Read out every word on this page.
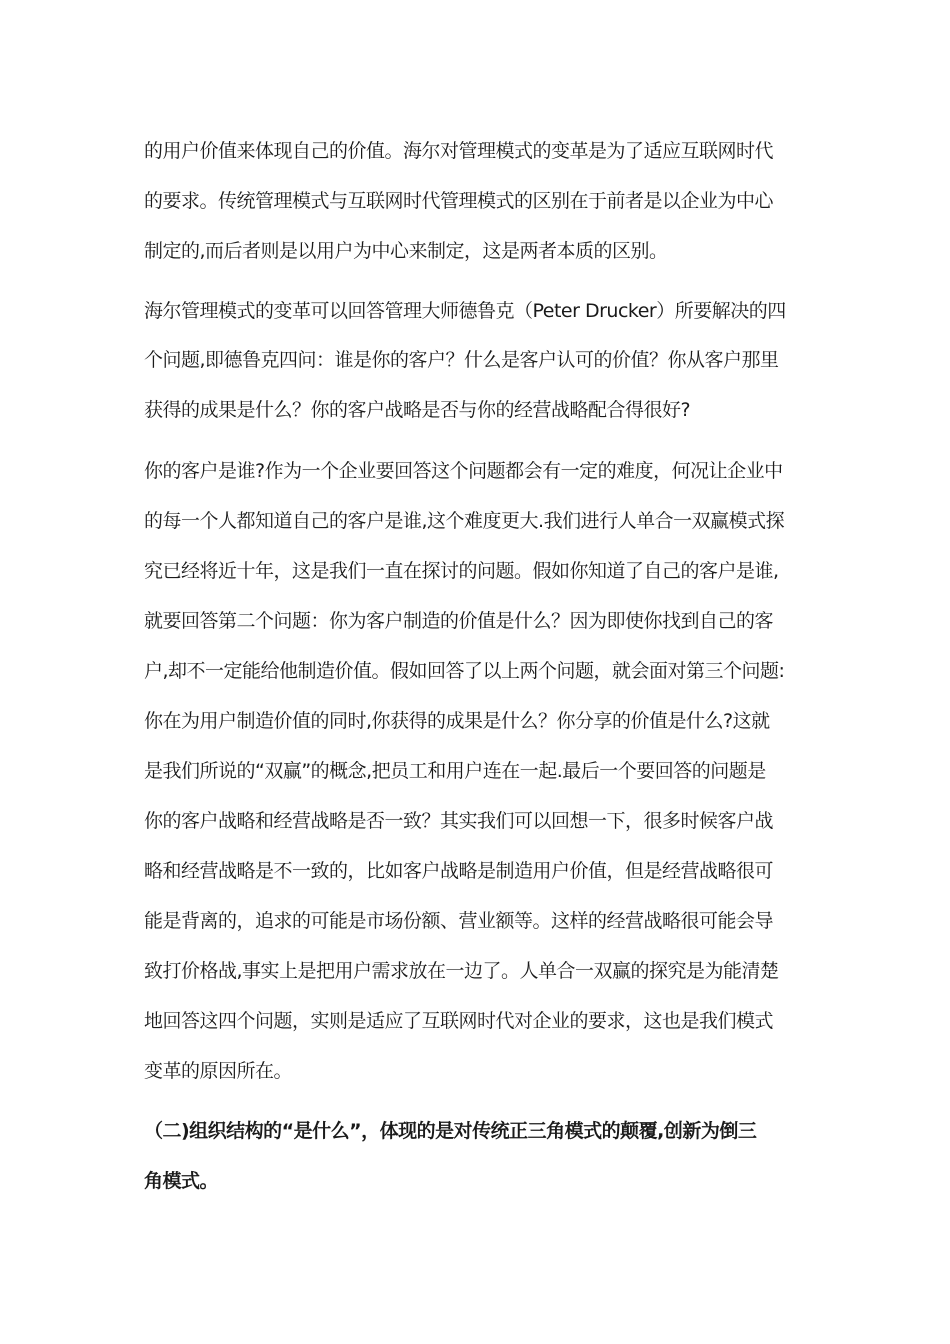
的用户价值来体现自己的价值。海尔对管理模式的变革是为了适应互联网时代
的要求。传统管理模式与互联网时代管理模式的区别在于前者是以企业为中心
制定的,而后者则是以用户为中心来制定，这是两者本质的区别。
海尔管理模式的变革可以回答管理大师德鲁克（Peter Drucker）所要解决的四
个问题,即德鲁克四问：谁是你的客户？什么是客户认可的价值？你从客户那里
获得的成果是什么？你的客户战略是否与你的经营战略配合得很好?
你的客户是谁?作为一个企业要回答这个问题都会有一定的难度，何况让企业中
的每一个人都知道自己的客户是谁,这个难度更大.我们进行人单合一双赢模式探
究已经将近十年，这是我们一直在探讨的问题。假如你知道了自己的客户是谁,
就要回答第二个问题：你为客户制造的价值是什么？因为即使你找到自己的客
户,却不一定能给他制造价值。假如回答了以上两个问题，就会面对第三个问题:
你在为用户制造价值的同时,你获得的成果是什么？你分享的价值是什么?这就
是我们所说的“双赢”的概念,把员工和用户连在一起.最后一个要回答的问题是
你的客户战略和经营战略是否一致？其实我们可以回想一下，很多时候客户战
略和经营战略是不一致的，比如客户战略是制造用户价值，但是经营战略很可
能是背离的，追求的可能是市场份额、营业额等。这样的经营战略很可能会导
致打价格战,事实上是把用户需求放在一边了。人单合一双赢的探究是为能清楚
地回答这四个问题，实则是适应了互联网时代对企业的要求，这也是我们模式
变革的原因所在。
（二)组织结构的“是什么”，体现的是对传统正三角模式的颠覆,创新为倒三
角模式。
